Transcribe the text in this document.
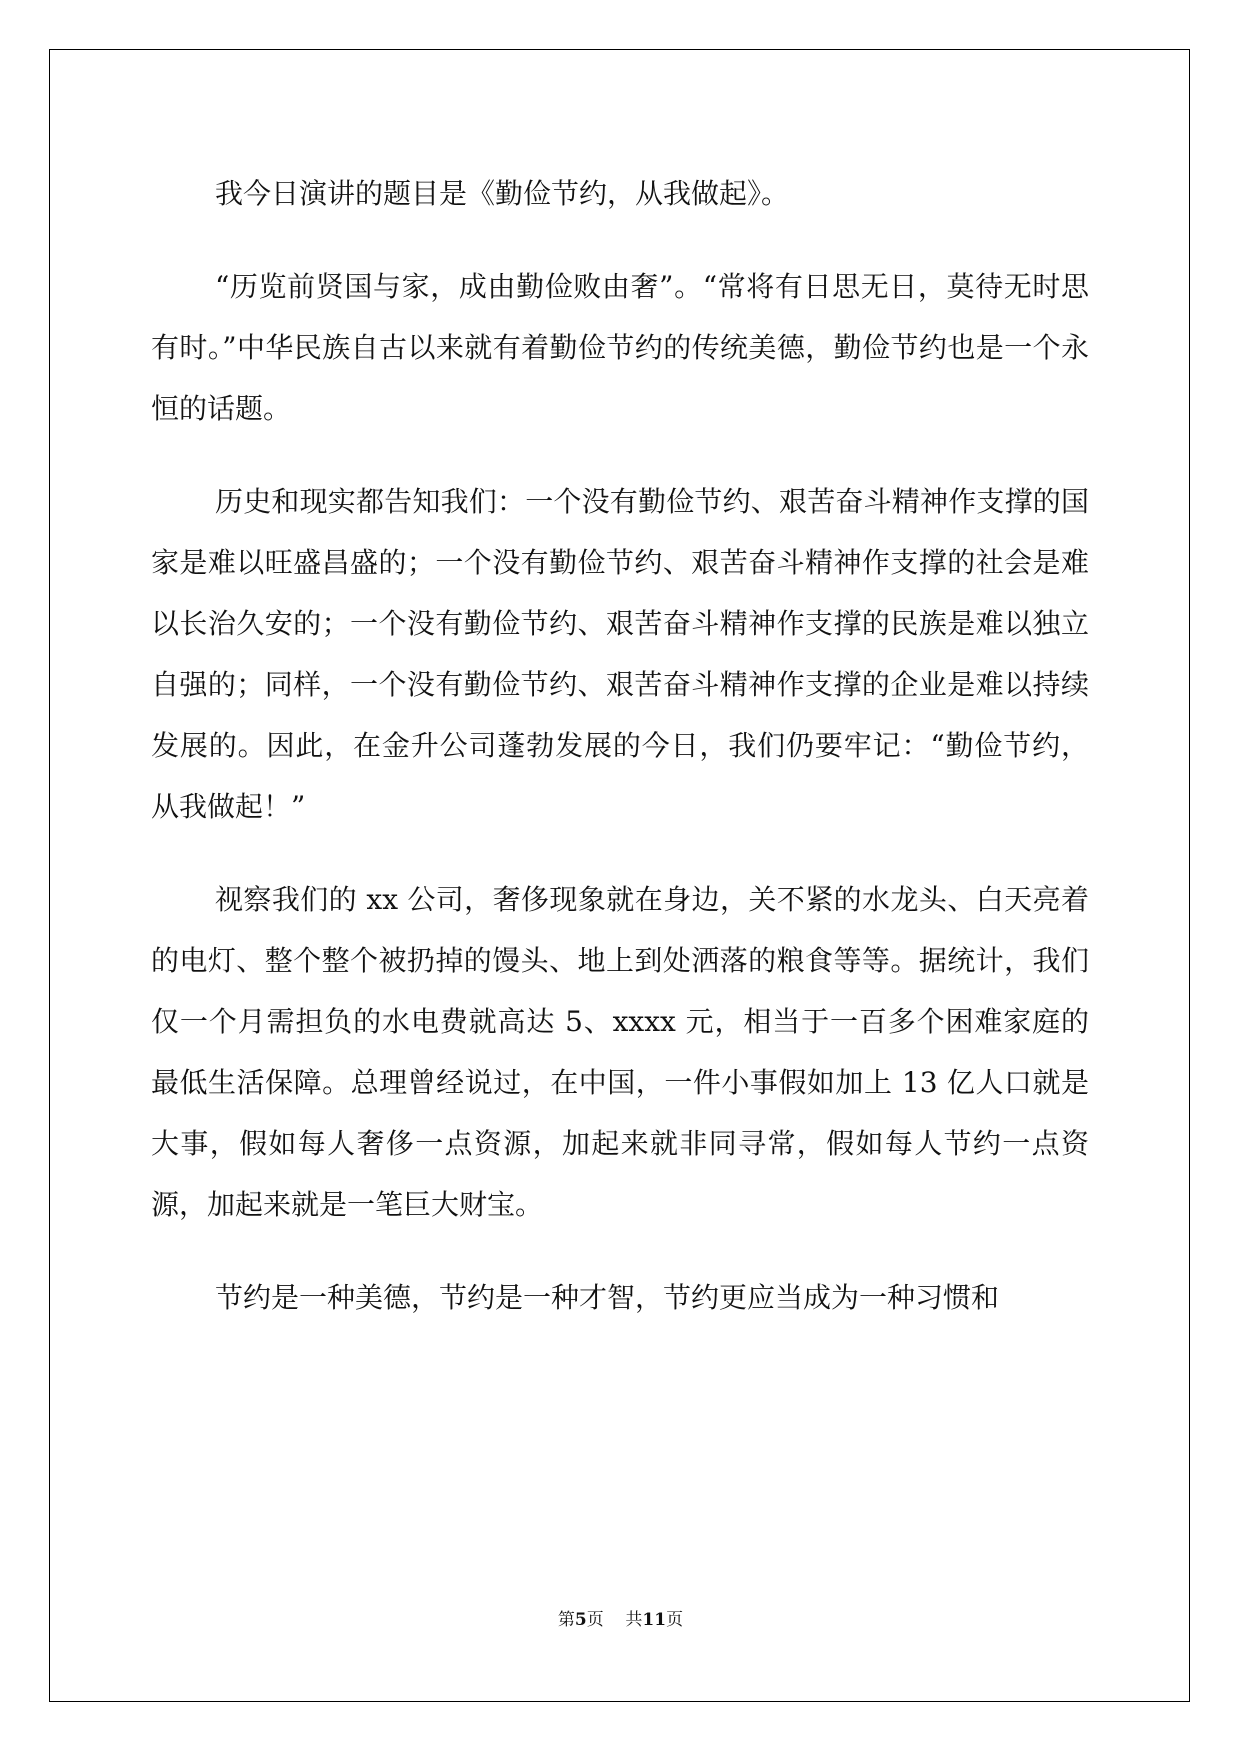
我今日演讲的题目是《勤俭节约，从我做起》。

“历览前贤国与家，成由勤俭败由奢”。“常将有日思无日，莫待无时思有时。”中华民族自古以来就有着勤俭节约的传统美德，勤俭节约也是一个永恒的话题。

历史和现实都告知我们：一个没有勤俭节约、艰苦奋斗精神作支撑的国家是难以旺盛昌盛的；一个没有勤俭节约、艰苦奋斗精神作支撑的社会是难以长治久安的；一个没有勤俭节约、艰苦奋斗精神作支撑的民族是难以独立自强的；同样，一个没有勤俭节约、艰苦奋斗精神作支撑的企业是难以持续发展的。因此，在金升公司蓬勃发展的今日，我们仍要牢记：“勤俭节约，从我做起！”

视察我们的 xx 公司，奢侈现象就在身边，关不紧的水龙头、白天亮着的电灯、整个整个被扔掉的馒头、地上到处洒落的粮食等等。据统计，我们仅一个月需担负的水电费就高达 5、xxxx 元，相当于一百多个困难家庭的最低生活保障。总理曾经说过，在中国，一件小事假如加上 13 亿人口就是大事，假如每人奢侈一点资源，加起来就非同寻常，假如每人节约一点资源，加起来就是一笔巨大财宝。

节约是一种美德，节约是一种才智，节约更应当成为一种习惯和

第5页 共11页
